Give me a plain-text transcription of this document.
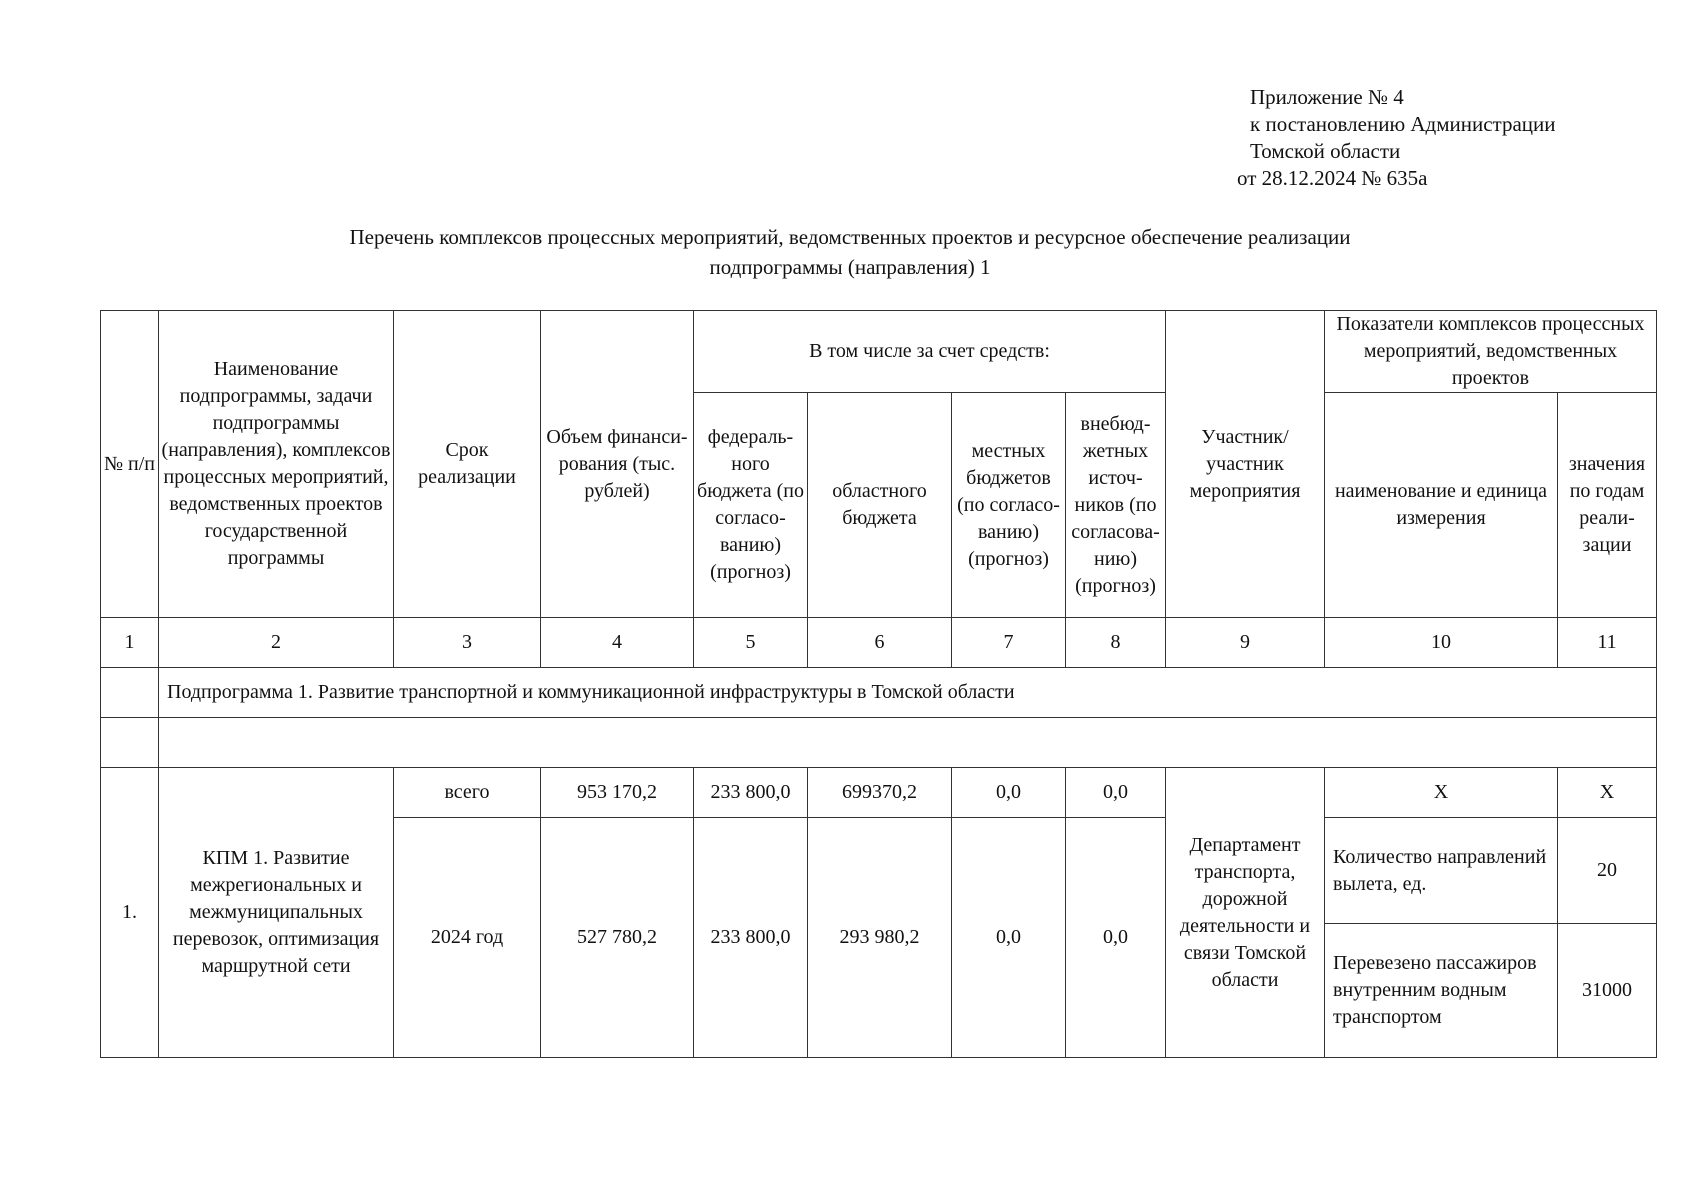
Приложение № 4
к постановлению Администрации
Томской области
от 28.12.2024 № 635а
Перечень комплексов процессных мероприятий, ведомственных проектов и ресурсное обеспечение реализации
подпрограммы (направления) 1
№ п/п	Наименование подпрограммы, задачи подпрограммы (направления), комплексов процессных мероприятий, ведомственных проектов государственной программы	Срок реализации	Объем финансирования (тыс. рублей)	В том числе за счет средств:				Участник/ участник мероприятия	Показатели комплексов процессных мероприятий, ведомственных проектов	
				федерального бюджета (по согласованию) (прогноз)	областного бюджета	местных бюджетов (по согласованию) (прогноз)	внебюджетных источников (по согласованию) (прогноз)		наименование и единица измерения	значения по годам реализации
1	2	3	4	5	6	7	8	9	10	11
	Подпрограмма 1. Развитие транспортной и коммуникационной инфраструктуры в Томской области									

1.	КПМ 1. Развитие межрегиональных и межмуниципальных перевозок, оптимизация маршрутной сети	всего	953 170,2	233 800,0	699370,2	0,0	0,0	Департамент транспорта, дорожной деятельности и связи Томской области	Х	Х
		2024 год	527 780,2	233 800,0	293 980,2	0,0	0,0		Количество направлений вылета, ед.	20
									Перевезено пассажиров внутренним водным транспортом	31000
